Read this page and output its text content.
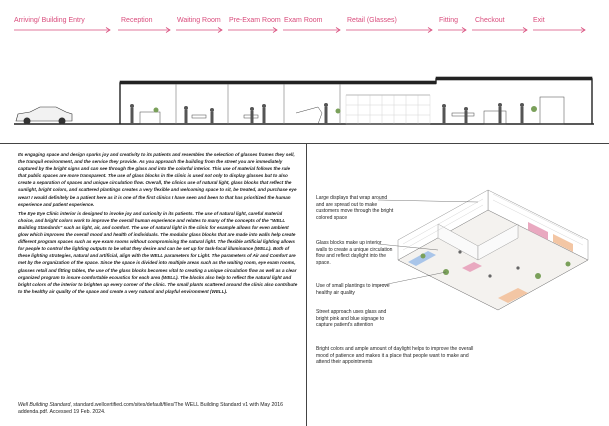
Arriving/ Building Entry	Reception	Waiting Room Pre-Exam Room Exam Room	Retail (Glasses)	Fitting Checkout	Exit

Its engaging space and design sparks joy and creativity to its patients and resembles the selection of glasses frames they sell, the tranquil environment, and the service they provide. As you approach the building from the street you are immediately captured by the bright signs and can see through the glass and into the colorful interior. This use of material follows the rule that public spaces are more transparent. The use of glass blocks in the clinic is used not only to display glasses but to also create a separation of spaces and unique circulation flow. Overall, the clinics use of natural light, glass blocks that reflect the sunlight, bright colors, and scattered plantings creates a very flexible and welcoming space to sit, be treated, and purchase eye wear! I would definitely be a patient here as it is one of the first clinics I have seen and been to that has prioritized the human experience and patient experience.

The Eye Eye Clinic interior is designed to invoke joy and curiosity in its patients. The use of natural light, careful material choice, and bright colors work to improve the overall human experience and relates to many of the concepts of the "WELL Building Standards" such as light, air, and comfort. The use of natural light in the clinic for example allows for even ambient glow which improves the overall mood and health of individuals. The modular glass blocks that are made into walls help create different program spaces such as eye exam rooms without compromising the natural light. The flexible artificial lighting allows for people to control the lighting outputs to be what they desire and can be set up for task-focal illuminance (WELL). Both of these lighting strategies, natural and artificial, align with the WELL parameters for Light. The parameters of Air and Comfort are met by the organization of the space. Since the space is divided into multiple areas such as the waiting room, eye exam rooms, glasses retail and fitting tables, the use of the glass blocks becomes vital to creating a unique circulation flow as well as a clear organized program to insure comfortable ecoustics for each area (WELL). The blocks also help to reflect the natural light and bright colors of the interior to brighten up every corner of the clinic. The small plants scattered around the clinic also contribute to the healthy air quality of the space and create a very natural and playful environment (WELL).

Well Building Standard, standard.wellcertified.com/sites/default/files/The WELL Building Standard v1 with May 2016 addenda.pdf. Accessed 19 Feb. 2024.
Large displays that wrap around and are spread out to make customers move through the bright colored space
Glass blocks make up interior walls to create a unique circulation flow and reflect daylight into the space.
Use of small plantings to improve healthy air quality
Street approach uses glass and bright pink and blue signage to capture patient's attention
Bright colors and ample amount of daylight helps to improve the overall mood of patience and makes it a place that people want to make and attend their appointments
